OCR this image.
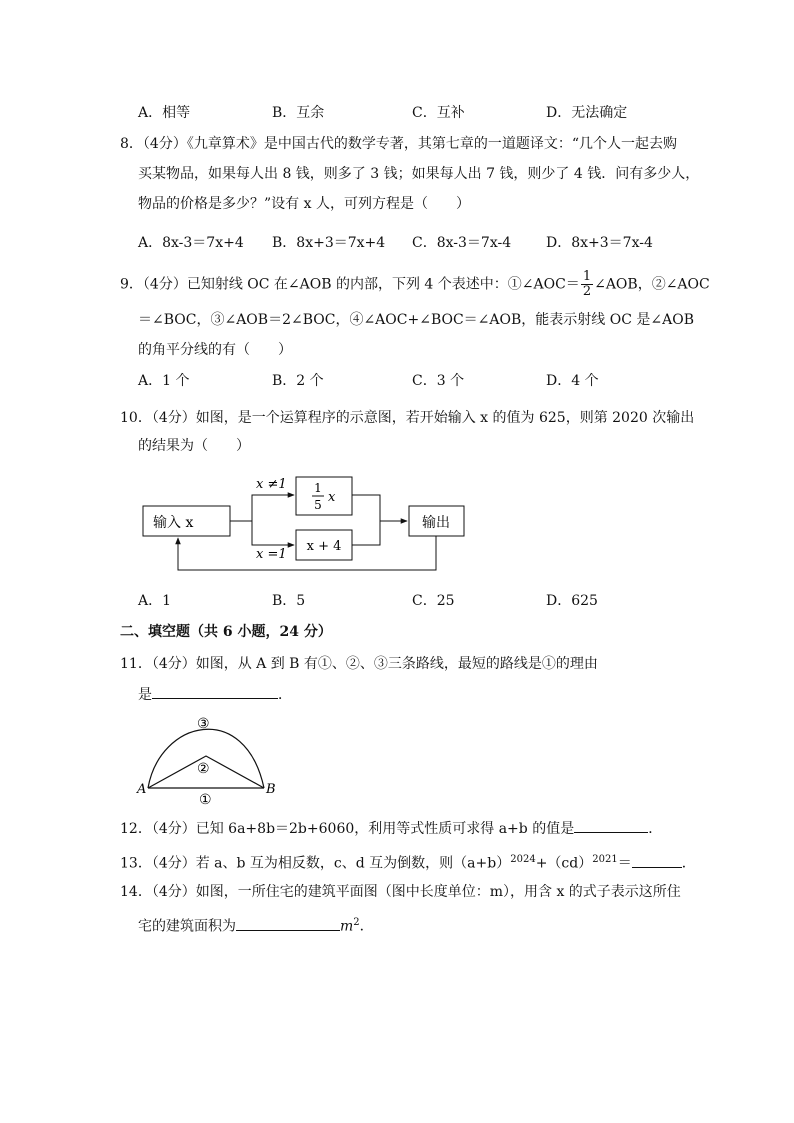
A．相等	B．互余	C．互补	D．无法确定
8．（4分）《九章算术》是中国古代的数学专著，其第七章的一道题译文：“几个人一起去购
买某物品，如果每人出 8 钱，则多了 3 钱；如果每人出 7 钱，则少了 4 钱．问有多少人，
物品的价格是多少？”设有 x 人，可列方程是（　　）
A．8x-3＝7x+4 B．8x+3＝7x+4 C．8x-3＝7x-4 D．8x+3＝7x-4
9．（4分）已知射线 OC 在∠AOB 的内部，下列 4 个表述中：①∠AOC＝ $\frac{1}{2}$ ∠AOB，②∠AOC
＝∠BOC，③∠AOB＝2∠BOC，④∠AOC+∠BOC＝∠AOB，能表示射线 OC 是∠AOB
的角平分线的有（　　）
A．1 个	B．2 个	C．3 个	D．4 个
10．（4分）如图，是一个运算程序的示意图，若开始输入 x 的值为 625，则第 2020 次输出
的结果为（　　）
输入 x	输出
x ≠1
x =1
1
5 x
x + 4
A	B
③
②
①
A．1	B．5	C．25	D．625
二、填空题（共 6 小题，24 分）
11．（4分）如图，从 A 到 B 有①、②、③三条路线，最短的路线是①的理由
是	．
12．（4分）已知 6a+8b＝2b+6060，利用等式性质可求得 a+b 的值是	．
13．（4分）若 a、b 互为相反数，c、d 互为倒数，则$(a+b)^{2024}+(cd)^{2021}=$	．
14．（4分）如图，一所住宅的建筑平面图（图中长度单位：m），用含 x 的式子表示这所住
宅的建筑面积为	$m^2$．
